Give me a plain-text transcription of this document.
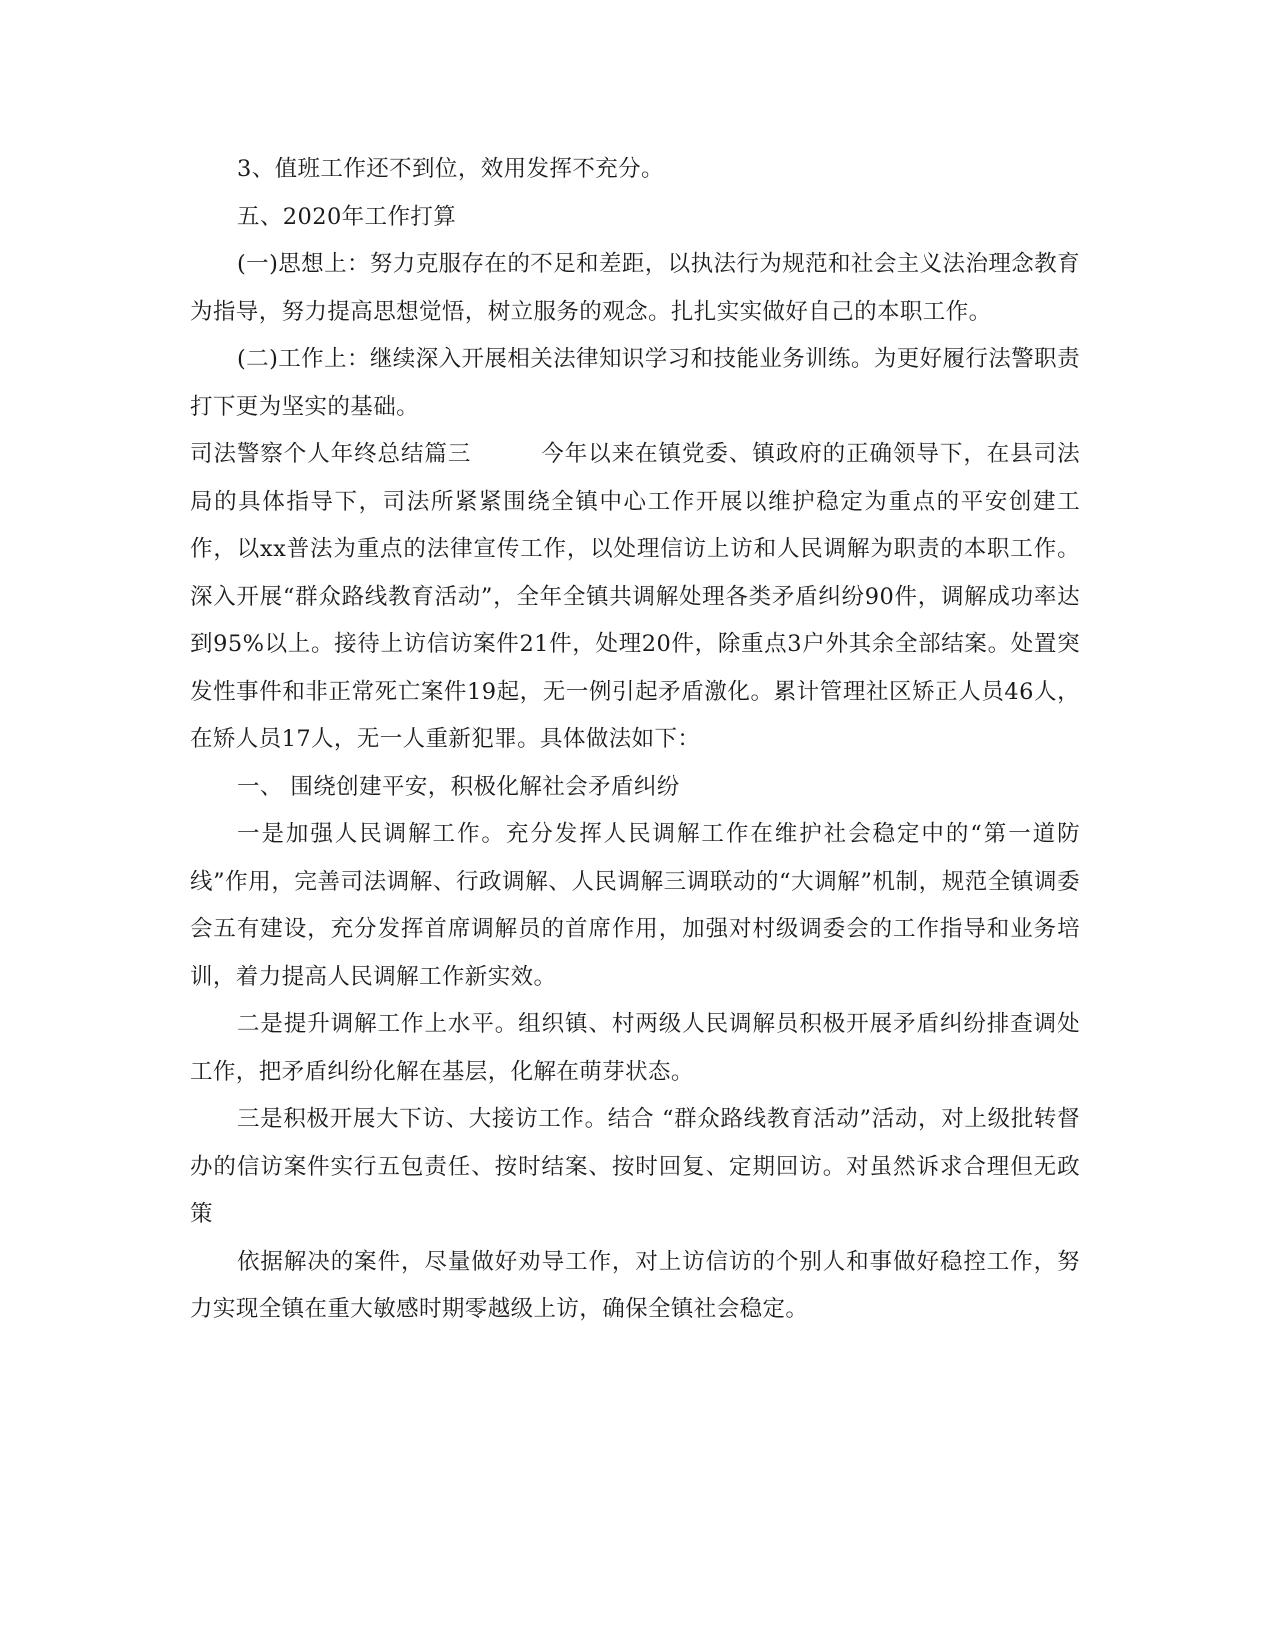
3、值班工作还不到位，效用发挥不充分。

五、2020年工作打算

(一)思想上：努力克服存在的不足和差距，以执法行为规范和社会主义法治理念教育为指导，努力提高思想觉悟，树立服务的观念。扎扎实实做好自己的本职工作。

(二)工作上：继续深入开展相关法律知识学习和技能业务训练。为更好履行法警职责打下更为坚实的基础。

司法警察个人年终总结篇三	今年以来在镇党委、镇政府的正确领导下，在县司法局的具体指导下，司法所紧紧围绕全镇中心工作开展以维护稳定为重点的平安创建工作，以xx普法为重点的法律宣传工作，以处理信访上访和人民调解为职责的本职工作。深入开展“群众路线教育活动”，全年全镇共调解处理各类矛盾纠纷90件，调解成功率达到95%以上。接待上访信访案件21件，处理20件，除重点3户外其余全部结案。处置突发性事件和非正常死亡案件19起，无一例引起矛盾激化。累计管理社区矫正人员46人，在矫人员17人，无一人重新犯罪。具体做法如下：

一、 围绕创建平安，积极化解社会矛盾纠纷

一是加强人民调解工作。充分发挥人民调解工作在维护社会稳定中的“第一道防线”作用，完善司法调解、行政调解、人民调解三调联动的“大调解”机制，规范全镇调委会五有建设，充分发挥首席调解员的首席作用，加强对村级调委会的工作指导和业务培训，着力提高人民调解工作新实效。

二是提升调解工作上水平。组织镇、村两级人民调解员积极开展矛盾纠纷排查调处工作，把矛盾纠纷化解在基层，化解在萌芽状态。

三是积极开展大下访、大接访工作。结合 “群众路线教育活动”活动，对上级批转督办的信访案件实行五包责任、按时结案、按时回复、定期回访。对虽然诉求合理但无政策

依据解决的案件，尽量做好劝导工作，对上访信访的个别人和事做好稳控工作，努力实现全镇在重大敏感时期零越级上访，确保全镇社会稳定。
